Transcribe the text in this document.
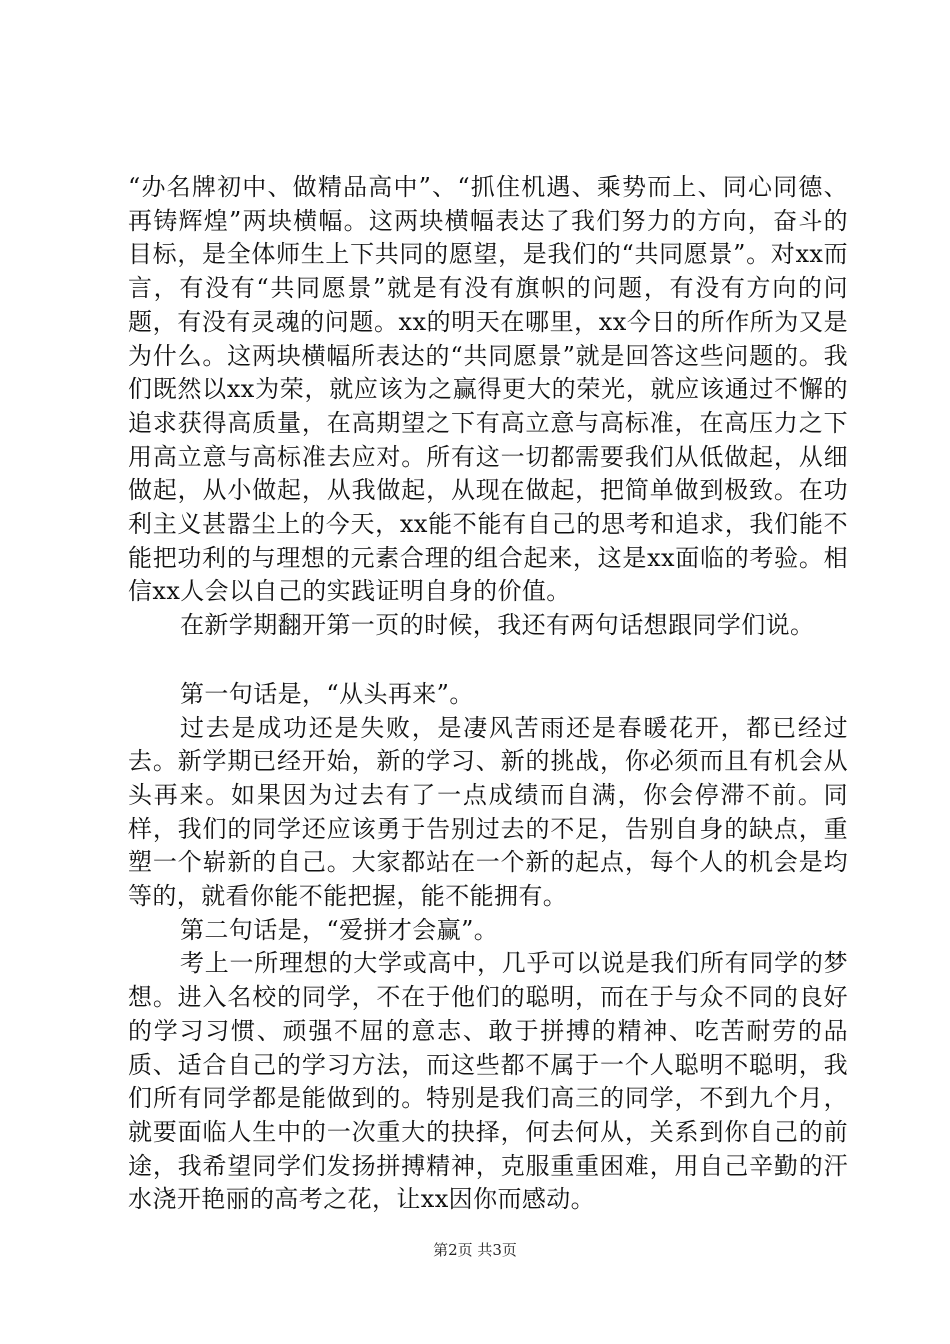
“办名牌初中、做精品高中”、“抓住机遇、乘势而上、同心同德、再铸辉煌”两块横幅。这两块横幅表达了我们努力的方向，奋斗的目标，是全体师生上下共同的愿望，是我们的“共同愿景”。对xx而言，有没有“共同愿景”就是有没有旗帜的问题，有没有方向的问题，有没有灵魂的问题。xx的明天在哪里，xx今日的所作所为又是为什么。这两块横幅所表达的“共同愿景”就是回答这些问题的。我们既然以xx为荣，就应该为之赢得更大的荣光，就应该通过不懈的追求获得高质量，在高期望之下有高立意与高标准，在高压力之下用高立意与高标准去应对。所有这一切都需要我们从低做起，从细做起，从小做起，从我做起，从现在做起，把简单做到极致。在功利主义甚嚣尘上的今天，xx能不能有自己的思考和追求，我们能不能把功利的与理想的元素合理的组合起来，这是xx面临的考验。相信xx人会以自己的实践证明自身的价值。

在新学期翻开第一页的时候，我还有两句话想跟同学们说。

第一句话是，“从头再来”。

过去是成功还是失败，是凄风苦雨还是春暖花开，都已经过去。新学期已经开始，新的学习、新的挑战，你必须而且有机会从头再来。如果因为过去有了一点成绩而自满，你会停滞不前。同样，我们的同学还应该勇于告别过去的不足，告别自身的缺点，重塑一个崭新的自己。大家都站在一个新的起点，每个人的机会是均等的，就看你能不能把握，能不能拥有。

第二句话是，“爱拼才会赢”。

考上一所理想的大学或高中，几乎可以说是我们所有同学的梦想。进入名校的同学，不在于他们的聪明，而在于与众不同的良好的学习习惯、顽强不屈的意志、敢于拼搏的精神、吃苦耐劳的品质、适合自己的学习方法，而这些都不属于一个人聪明不聪明，我们所有同学都是能做到的。特别是我们高三的同学，不到九个月，就要面临人生中的一次重大的抉择，何去何从，关系到你自己的前途，我希望同学们发扬拼搏精神，克服重重困难，用自己辛勤的汗水浇开艳丽的高考之花，让xx因你而感动。

第2页 共3页
